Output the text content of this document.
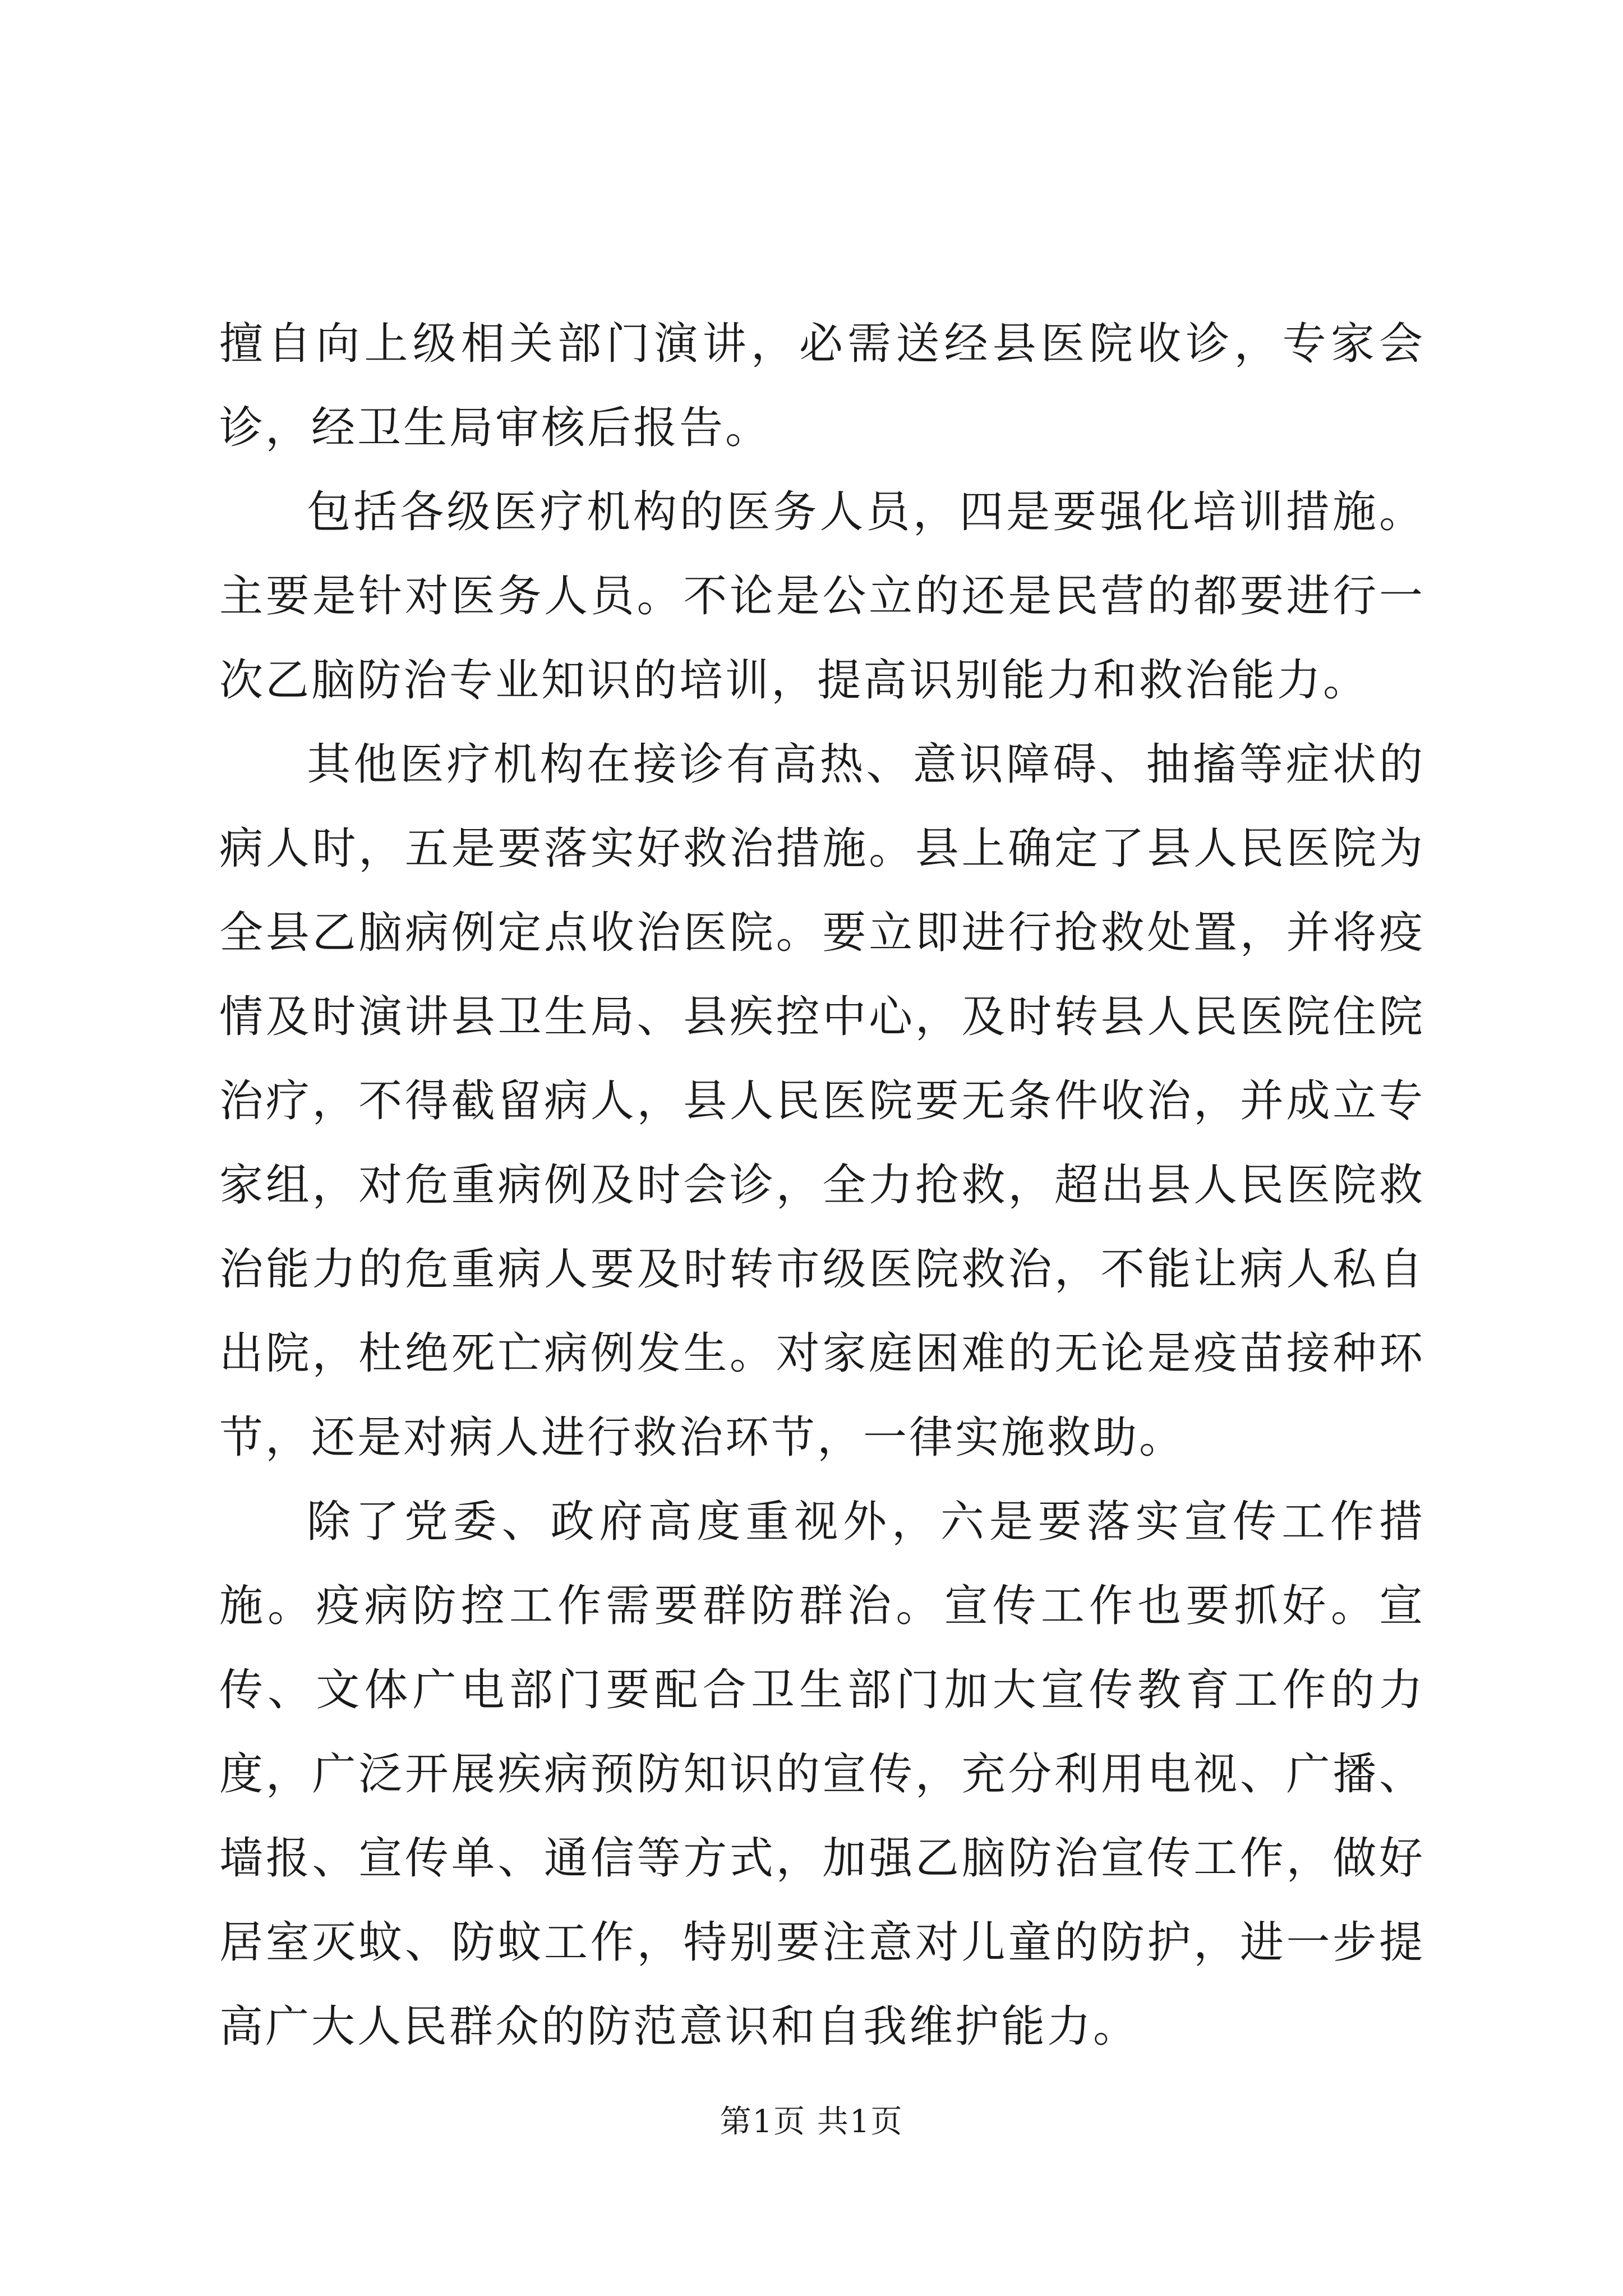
擅自向上级相关部门演讲，必需送经县医院收诊，专家会诊，经卫生局审核后报告。

包括各级医疗机构的医务人员，四是要强化培训措施。主要是针对医务人员。不论是公立的还是民营的都要进行一次乙脑防治专业知识的培训，提高识别能力和救治能力。

其他医疗机构在接诊有高热、意识障碍、抽搐等症状的病人时，五是要落实好救治措施。县上确定了县人民医院为全县乙脑病例定点收治医院。要立即进行抢救处置，并将疫情及时演讲县卫生局、县疾控中心，及时转县人民医院住院治疗，不得截留病人，县人民医院要无条件收治，并成立专家组，对危重病例及时会诊，全力抢救，超出县人民医院救治能力的危重病人要及时转市级医院救治，不能让病人私自出院，杜绝死亡病例发生。对家庭困难的无论是疫苗接种环节，还是对病人进行救治环节，一律实施救助。

除了党委、政府高度重视外，六是要落实宣传工作措施。疫病防控工作需要群防群治。宣传工作也要抓好。宣传、文体广电部门要配合卫生部门加大宣传教育工作的力度，广泛开展疾病预防知识的宣传，充分利用电视、广播、墙报、宣传单、通信等方式，加强乙脑防治宣传工作，做好居室灭蚊、防蚊工作，特别要注意对儿童的防护，进一步提高广大人民群众的防范意识和自我维护能力。

第1页 共1页
